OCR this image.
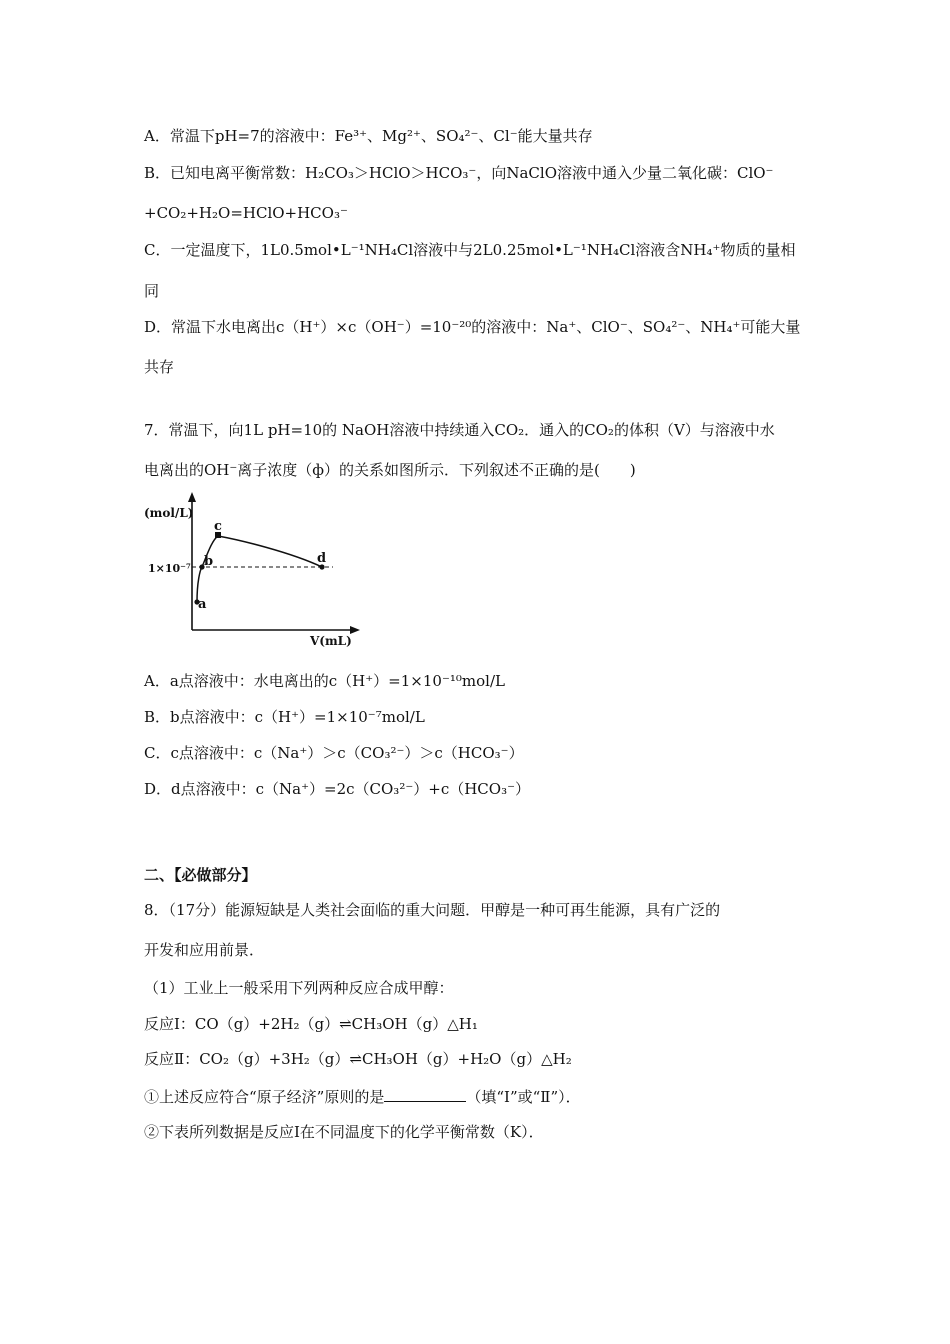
A．常温下pH=7的溶液中：Fe³⁺、Mg²⁺、SO₄²⁻、Cl⁻能大量共存
B．已知电离平衡常数：H₂CO₃＞HClO＞HCO₃⁻，向NaClO溶液中通入少量二氧化碳：ClO⁻
+CO₂+H₂O=HClO+HCO₃⁻
C．一定温度下，1L0.5mol•L⁻¹NH₄Cl溶液中与2L0.25mol•L⁻¹NH₄Cl溶液含NH₄⁺物质的量相
同
D．常温下水电离出c（H⁺）×c（OH⁻）=10⁻²⁰的溶液中：Na⁺、ClO⁻、SO₄²⁻、NH₄⁺可能大量
共存
7．常温下，向1L pH=10的 NaOH溶液中持续通入CO₂．通入的CO₂的体积（V）与溶液中水
电离出的OH⁻离子浓度（ф）的关系如图所示．下列叙述不正确的是(　　)
(mol/L)
1×10⁻⁷
V(mL)
a
b
c
d
A．a点溶液中：水电离出的c（H⁺）=1×10⁻¹⁰mol/L
B．b点溶液中：c（H⁺）=1×10⁻⁷mol/L
C．c点溶液中：c（Na⁺）＞c（CO₃²⁻）＞c（HCO₃⁻）
D．d点溶液中：c（Na⁺）=2c（CO₃²⁻）+c（HCO₃⁻）
二、【必做部分】
8．（17分）能源短缺是人类社会面临的重大问题．甲醇是一种可再生能源，具有广泛的
开发和应用前景．
（1）工业上一般采用下列两种反应合成甲醇：
反应Ⅰ：CO（g）+2H₂（g）⇌CH₃OH（g）△H₁
反应Ⅱ：CO₂（g）+3H₂（g）⇌CH₃OH（g）+H₂O（g）△H₂
①上述反应符合“原子经济”原则的是	（填“I”或“Ⅱ”）．
②下表所列数据是反应I在不同温度下的化学平衡常数（K）．
